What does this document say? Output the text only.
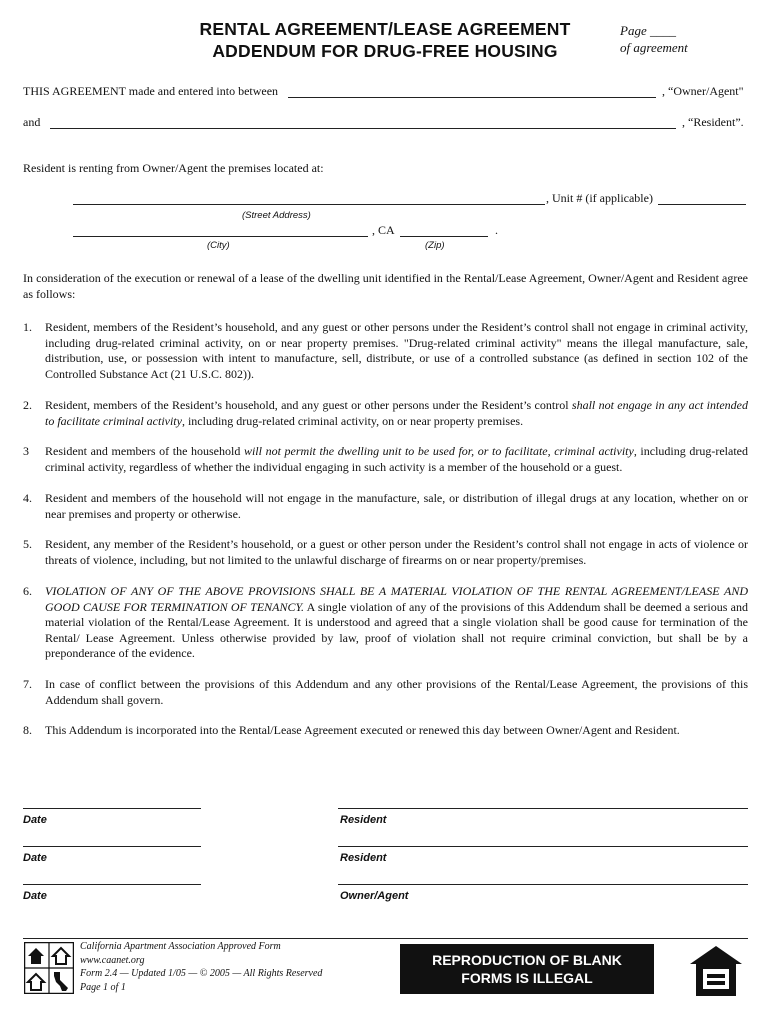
RENTAL AGREEMENT/LEASE AGREEMENT
ADDENDUM FOR DRUG-FREE HOUSING
Page ____
of agreement
THIS AGREEMENT made and entered into between	, “Owner/Agent"
and	, “Resident”.
Resident is renting from Owner/Agent the premises located at:
, Unit # (if applicable)
(Street Address)
, CA	.
(City)	(Zip)
In consideration of the execution or renewal of a lease of the dwelling unit identified in the Rental/Lease Agreement, Owner/Agent and Resident agree as follows:
1. Resident, members of the Resident’s household, and any guest or other persons under the Resident’s control shall not engage in criminal activity, including drug-related criminal activity, on or near property premises. "Drug-related criminal activity" means the illegal manufacture, sale, distribution, use, or possession with intent to manufacture, sell, distribute, or use of a controlled substance (as defined in section 102 of the Controlled Substance Act (21 U.S.C. 802)).
2. Resident, members of the Resident’s household, and any guest or other persons under the Resident’s control shall not engage in any act intended to facilitate criminal activity, including drug-related criminal activity, on or near property premises.
3 Resident and members of the household will not permit the dwelling unit to be used for, or to facilitate, criminal activity, including drug-related criminal activity, regardless of whether the individual engaging in such activity is a member of the household or a guest.
4. Resident and members of the household will not engage in the manufacture, sale, or distribution of illegal drugs at any location, whether on or near premises and property or otherwise.
5. Resident, any member of the Resident’s household, or a guest or other person under the Resident’s control shall not engage in acts of violence or threats of violence, including, but not limited to the unlawful discharge of firearms on or near property/premises.
6. VIOLATION OF ANY OF THE ABOVE PROVISIONS SHALL BE A MATERIAL VIOLATION OF THE RENTAL AGREEMENT/LEASE AND GOOD CAUSE FOR TERMINATION OF TENANCY. A single violation of any of the provisions of this Addendum shall be deemed a serious and material violation of the Rental/Lease Agreement. It is understood and agreed that a single violation shall be good cause for termination of the Rental/ Lease Agreement. Unless otherwise provided by law, proof of violation shall not require criminal conviction, but shall be by a preponderance of the evidence.
7. In case of conflict between the provisions of this Addendum and any other provisions of the Rental/Lease Agreement, the provisions of this Addendum shall govern.
8. This Addendum is incorporated into the Rental/Lease Agreement executed or renewed this day between Owner/Agent and Resident.
Date	Resident
Date	Resident
Date	Owner/Agent
California Apartment Association Approved Form
www.caanet.org
Form 2.4 — Updated 1/05 — © 2005 — All Rights Reserved
Page 1 of 1
REPRODUCTION OF BLANK
FORMS IS ILLEGAL
